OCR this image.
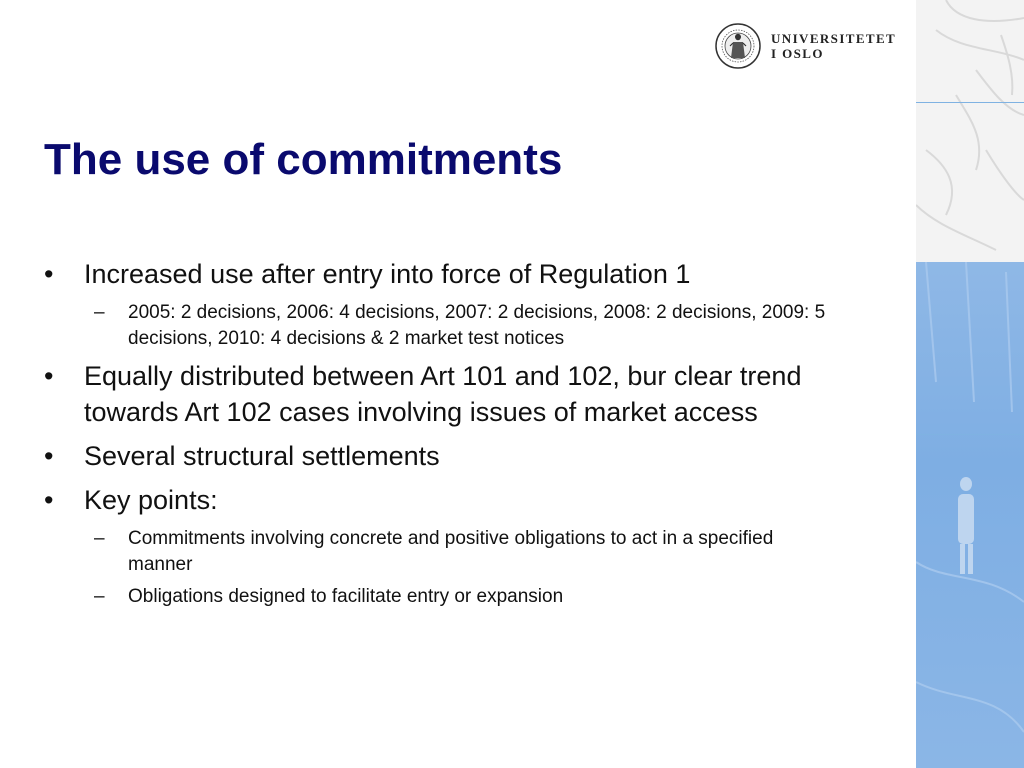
UNIVERSITETET
I OSLO
The use of commitments
•	Increased use after entry into force of Regulation 1
– 2005: 2 decisions, 2006: 4 decisions, 2007: 2 decisions, 2008: 2 decisions, 2009: 5 decisions, 2010: 4 decisions & 2 market test notices
•	Equally distributed between Art 101 and 102, bur clear trend towards Art 102 cases involving issues of market access
•	Several structural settlements
•	Key points:
– Commitments involving concrete and positive obligations to act in a specified manner
– Obligations designed to facilitate entry or expansion
